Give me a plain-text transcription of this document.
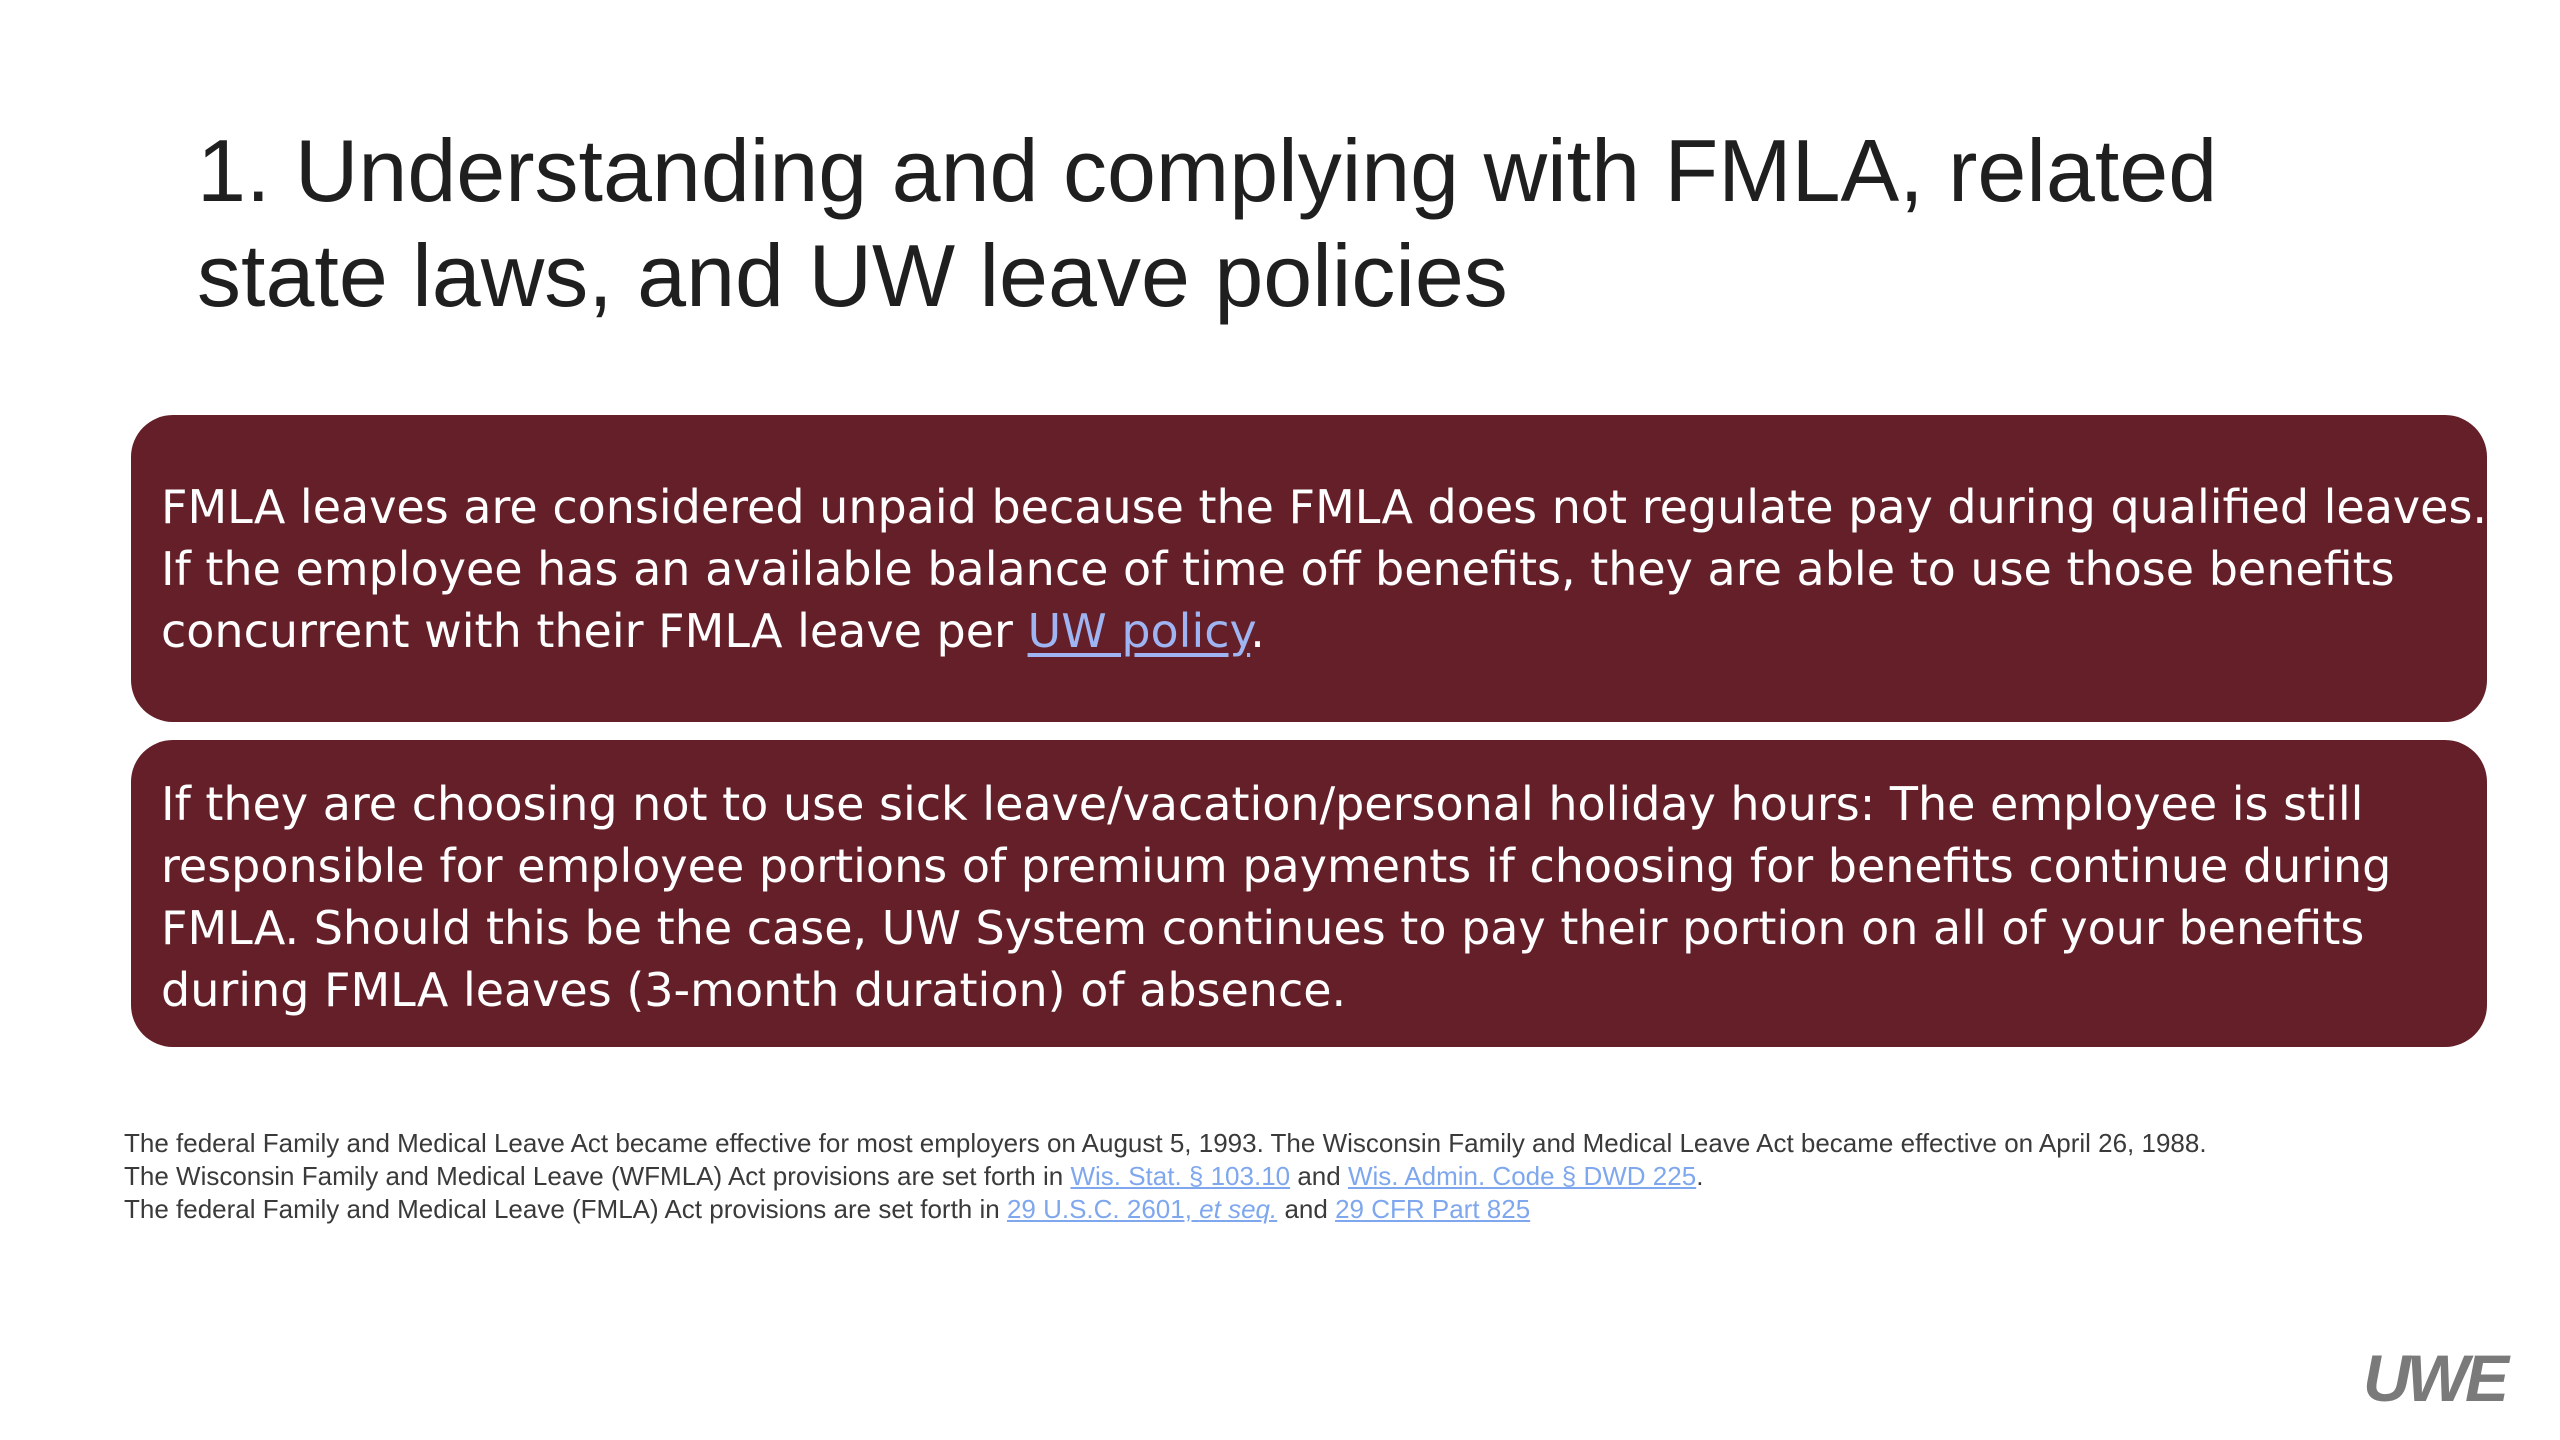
1. Understanding and complying with FMLA, related
state laws, and UW leave policies
FMLA leaves are considered unpaid because the FMLA does not regulate pay during qualified leaves.
If the employee has an available balance of time off benefits, they are able to use those benefits
concurrent with their FMLA leave per UW policy.
If they are choosing not to use sick leave/vacation/personal holiday hours: The employee is still
responsible for employee portions of premium payments if choosing for benefits continue during
FMLA. Should this be the case, UW System continues to pay their portion on all of your benefits
during FMLA leaves (3-month duration) of absence.
The federal Family and Medical Leave Act became effective for most employers on August 5, 1993. The Wisconsin Family and Medical Leave Act became effective on April 26, 1988.
The Wisconsin Family and Medical Leave (WFMLA) Act provisions are set forth in Wis. Stat. § 103.10 and Wis. Admin. Code § DWD 225.
The federal Family and Medical Leave (FMLA) Act provisions are set forth in 29 U.S.C. 2601, et seq. and 29 CFR Part 825
UWE
